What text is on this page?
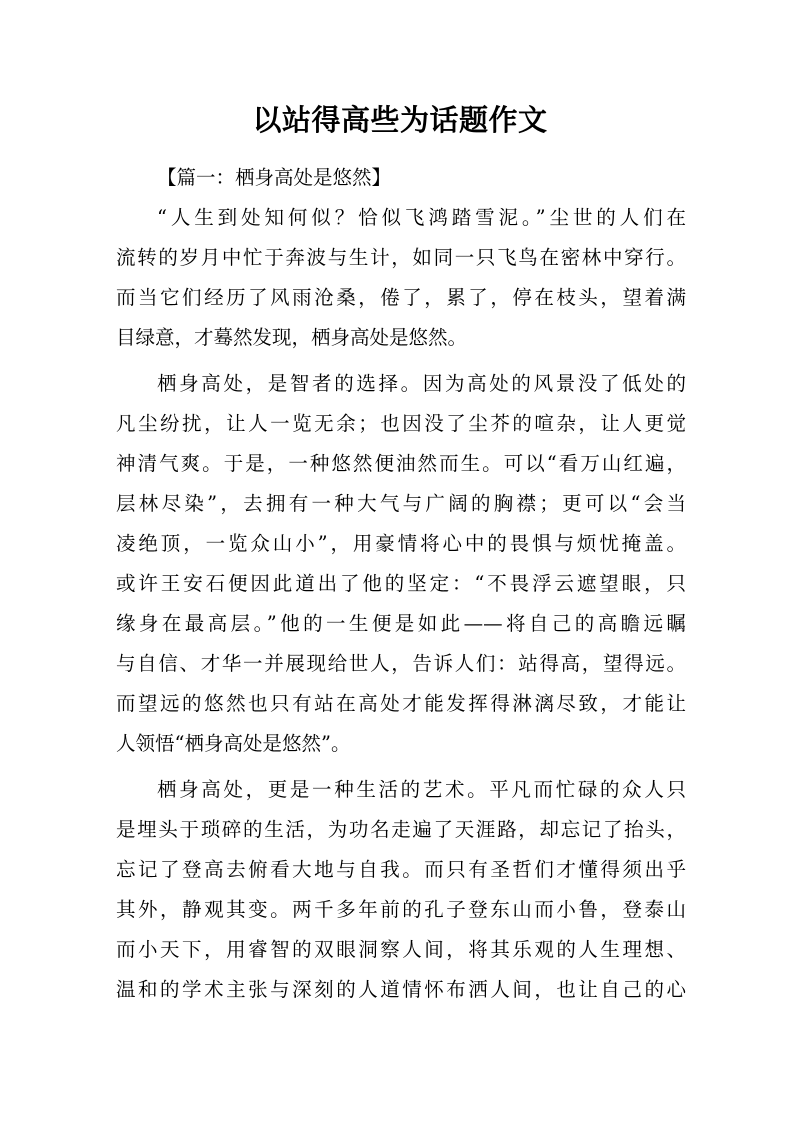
以站得高些为话题作文
【篇一：栖身高处是悠然】
“人生到处知何似？恰似飞鸿踏雪泥。”尘世的人们在
流转的岁月中忙于奔波与生计，如同一只飞鸟在密林中穿行。
而当它们经历了风雨沧桑，倦了，累了，停在枝头，望着满
目绿意，才蓦然发现，栖身高处是悠然。
栖身高处，是智者的选择。因为高处的风景没了低处的
凡尘纷扰，让人一览无余；也因没了尘芥的喧杂，让人更觉
神清气爽。于是，一种悠然便油然而生。可以“看万山红遍，
层林尽染”，去拥有一种大气与广阔的胸襟；更可以“会当
凌绝顶，一览众山小”，用豪情将心中的畏惧与烦忧掩盖。
或许王安石便因此道出了他的坚定：“不畏浮云遮望眼，只
缘身在最高层。”他的一生便是如此——将自己的高瞻远瞩
与自信、才华一并展现给世人，告诉人们：站得高，望得远。
而望远的悠然也只有站在高处才能发挥得淋漓尽致，才能让
人领悟“栖身高处是悠然”。
栖身高处，更是一种生活的艺术。平凡而忙碌的众人只
是埋头于琐碎的生活，为功名走遍了天涯路，却忘记了抬头，
忘记了登高去俯看大地与自我。而只有圣哲们才懂得须出乎
其外，静观其变。两千多年前的孔子登东山而小鲁，登泰山
而小天下，用睿智的双眼洞察人间，将其乐观的人生理想、
温和的学术主张与深刻的人道情怀布洒人间，也让自己的心
